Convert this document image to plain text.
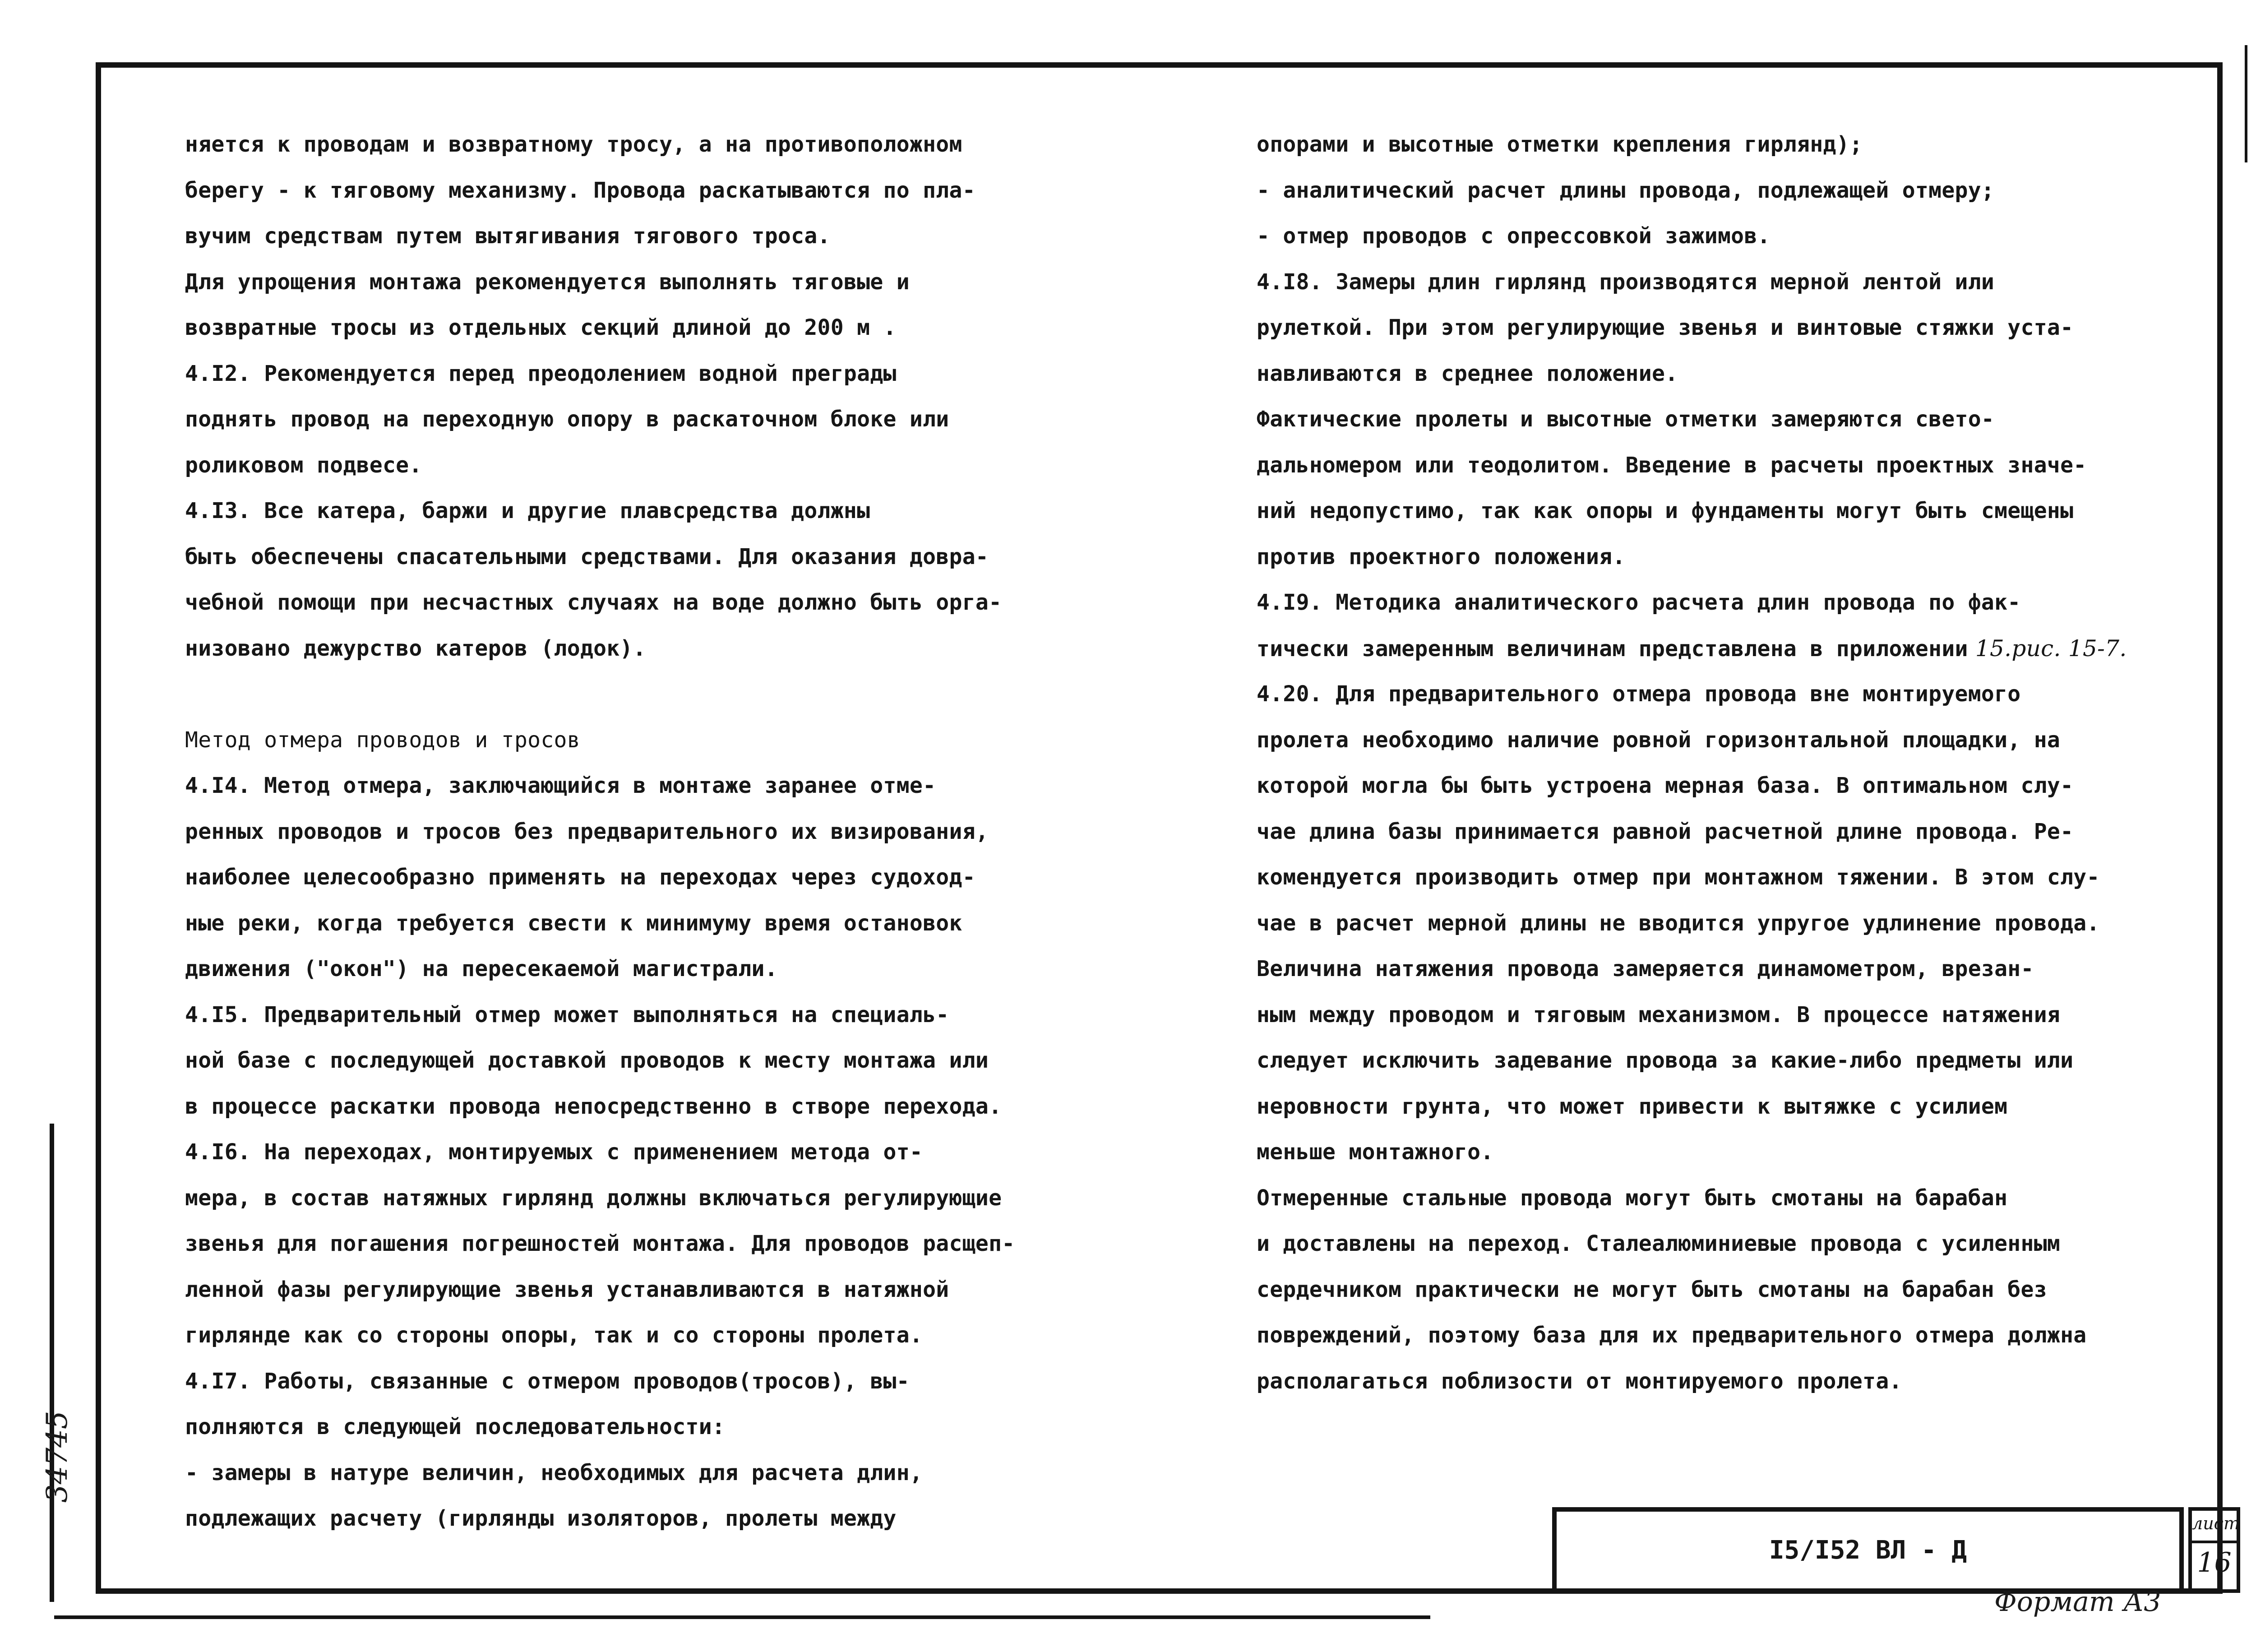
няется к проводам и возвратному тросу, а на противоположном
берегу - к тяговому механизму. Провода раскатываются по пла-
вучим средствам путем вытягивания тягового троса.
Для упрощения монтажа рекомендуется выполнять тяговые и
возвратные тросы из отдельных секций длиной до 200 м .
4.I2. Рекомендуется перед преодолением водной преграды
поднять провод на переходную опору в раскаточном блоке или
роликовом подвесе.
4.I3. Все катера, баржи и другие плавсредства должны
быть обеспечены спасательными средствами. Для оказания довра-
чебной помощи при несчастных случаях на воде должно быть орга-
низовано дежурство катеров (лодок).
Метод отмера проводов и тросов
4.I4. Метод отмера, заключающийся в монтаже заранее отме-
ренных проводов и тросов без предварительного их визирования,
наиболее целесообразно применять на переходах через судоход-
ные реки, когда требуется свести к минимуму время остановок
движения ("окон") на пересекаемой магистрали.
4.I5. Предварительный отмер может выполняться на специаль-
ной базе с последующей доставкой проводов к месту монтажа или
в процессе раскатки провода непосредственно в створе перехода.
4.I6. На переходах, монтируемых с применением метода от-
мера, в состав натяжных гирлянд должны включаться регулирующие
звенья для погашения погрешностей монтажа. Для проводов расщеп-
ленной фазы регулирующие звенья устанавливаются в натяжной
гирлянде как со стороны опоры, так и со стороны пролета.
4.I7. Работы, связанные с отмером проводов(тросов), вы-
полняются в следующей последовательности:
- замеры в натуре величин, необходимых для расчета длин,
подлежащих расчету (гирлянды изоляторов, пролеты между
опорами и высотные отметки крепления гирлянд);
- аналитический расчет длины провода, подлежащей отмеру;
- отмер проводов с опрессовкой зажимов.
4.I8. Замеры длин гирлянд производятся мерной лентой или
рулеткой. При этом регулирующие звенья и винтовые стяжки уста-
навливаются в среднее положение.
Фактические пролеты и высотные отметки замеряются свето-
дальномером или теодолитом. Введение в расчеты проектных значе-
ний недопустимо, так как опоры и фундаменты могут быть смещены
против проектного положения.
4.I9. Методика аналитического расчета длин провода по фак-
тически замеренным величинам представлена в приложении 15.рис. 15-7.
4.20. Для предварительного отмера провода вне монтируемого
пролета необходимо наличие ровной горизонтальной площадки, на
которой могла бы быть устроена мерная база. В оптимальном слу-
чае длина базы принимается равной расчетной длине провода. Ре-
комендуется производить отмер при монтажном тяжении. В этом слу-
чае в расчет мерной длины не вводится упругое удлинение провода.
Величина натяжения провода замеряется динамометром, врезан-
ным между проводом и тяговым механизмом. В процессе натяжения
следует исключить задевание провода за какие-либо предметы или
неровности грунта, что может привести к вытяжке с усилием
меньше монтажного.
Отмеренные стальные провода могут быть смотаны на барабан
и доставлены на переход. Сталеалюминиевые провода с усиленным
сердечником практически не могут быть смотаны на барабан без
повреждений, поэтому база для их предварительного отмера должна
располагаться поблизости от монтируемого пролета.
I5/I52 ВЛ - Д
лист
16
Формат А3
34745
